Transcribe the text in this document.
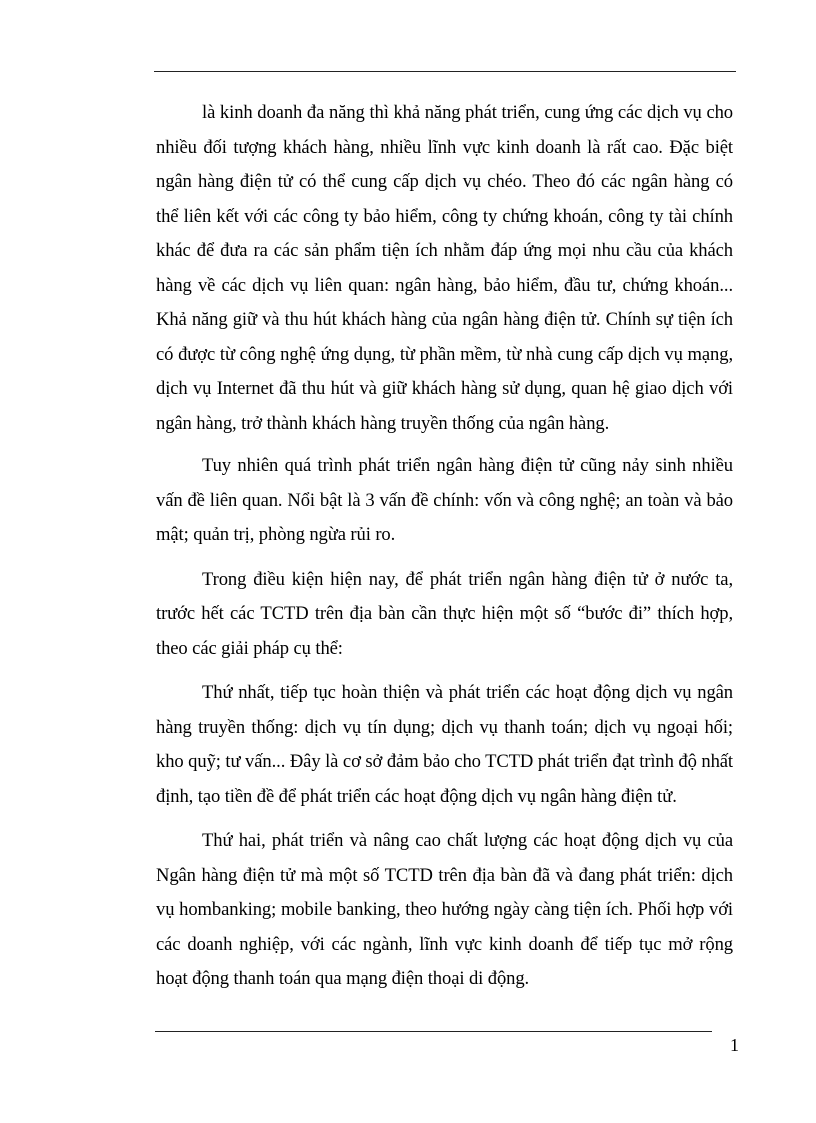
là kinh doanh đa năng thì khả năng phát triển, cung ứng các dịch vụ cho nhiều đối tượng khách hàng, nhiều lĩnh vực kinh doanh là rất cao. Đặc biệt ngân hàng điện tử có thể cung cấp dịch vụ chéo. Theo đó các ngân hàng có thể liên kết với các công ty bảo hiểm, công ty chứng khoán, công ty tài chính khác để đưa ra các sản phẩm tiện ích nhằm đáp ứng mọi nhu cầu của khách hàng về các dịch vụ liên quan: ngân hàng, bảo hiểm, đầu tư, chứng khoán... Khả năng giữ và thu hút khách hàng của ngân hàng điện tử. Chính sự tiện ích có được từ công nghệ ứng dụng, từ phần mềm, từ nhà cung cấp dịch vụ mạng, dịch vụ Internet đã thu hút và giữ khách hàng sử dụng, quan hệ giao dịch với ngân hàng, trở thành khách hàng truyền thống của ngân hàng.

Tuy nhiên quá trình phát triển ngân hàng điện tử cũng nảy sinh nhiều vấn đề liên quan. Nổi bật là 3 vấn đề chính: vốn và công nghệ; an toàn và bảo mật; quản trị, phòng ngừa rủi ro.

Trong điều kiện hiện nay, để phát triển ngân hàng điện tử ở nước ta, trước hết các TCTD trên địa bàn cần thực hiện một số “bước đi” thích hợp, theo các giải pháp cụ thể:

Thứ nhất, tiếp tục hoàn thiện và phát triển các hoạt động dịch vụ ngân hàng truyền thống: dịch vụ tín dụng; dịch vụ thanh toán; dịch vụ ngoại hối; kho quỹ; tư vấn... Đây là cơ sở đảm bảo cho TCTD phát triển đạt trình độ nhất định, tạo tiền đề để phát triển các hoạt động dịch vụ ngân hàng điện tử.

Thứ hai, phát triển và nâng cao chất lượng các hoạt động dịch vụ của Ngân hàng điện tử mà một số TCTD trên địa bàn đã và đang phát triển: dịch vụ hombanking; mobile banking, theo hướng ngày càng tiện ích. Phối hợp với các doanh nghiệp, với các ngành, lĩnh vực kinh doanh để tiếp tục mở rộng hoạt động thanh toán qua mạng điện thoại di động.

1
